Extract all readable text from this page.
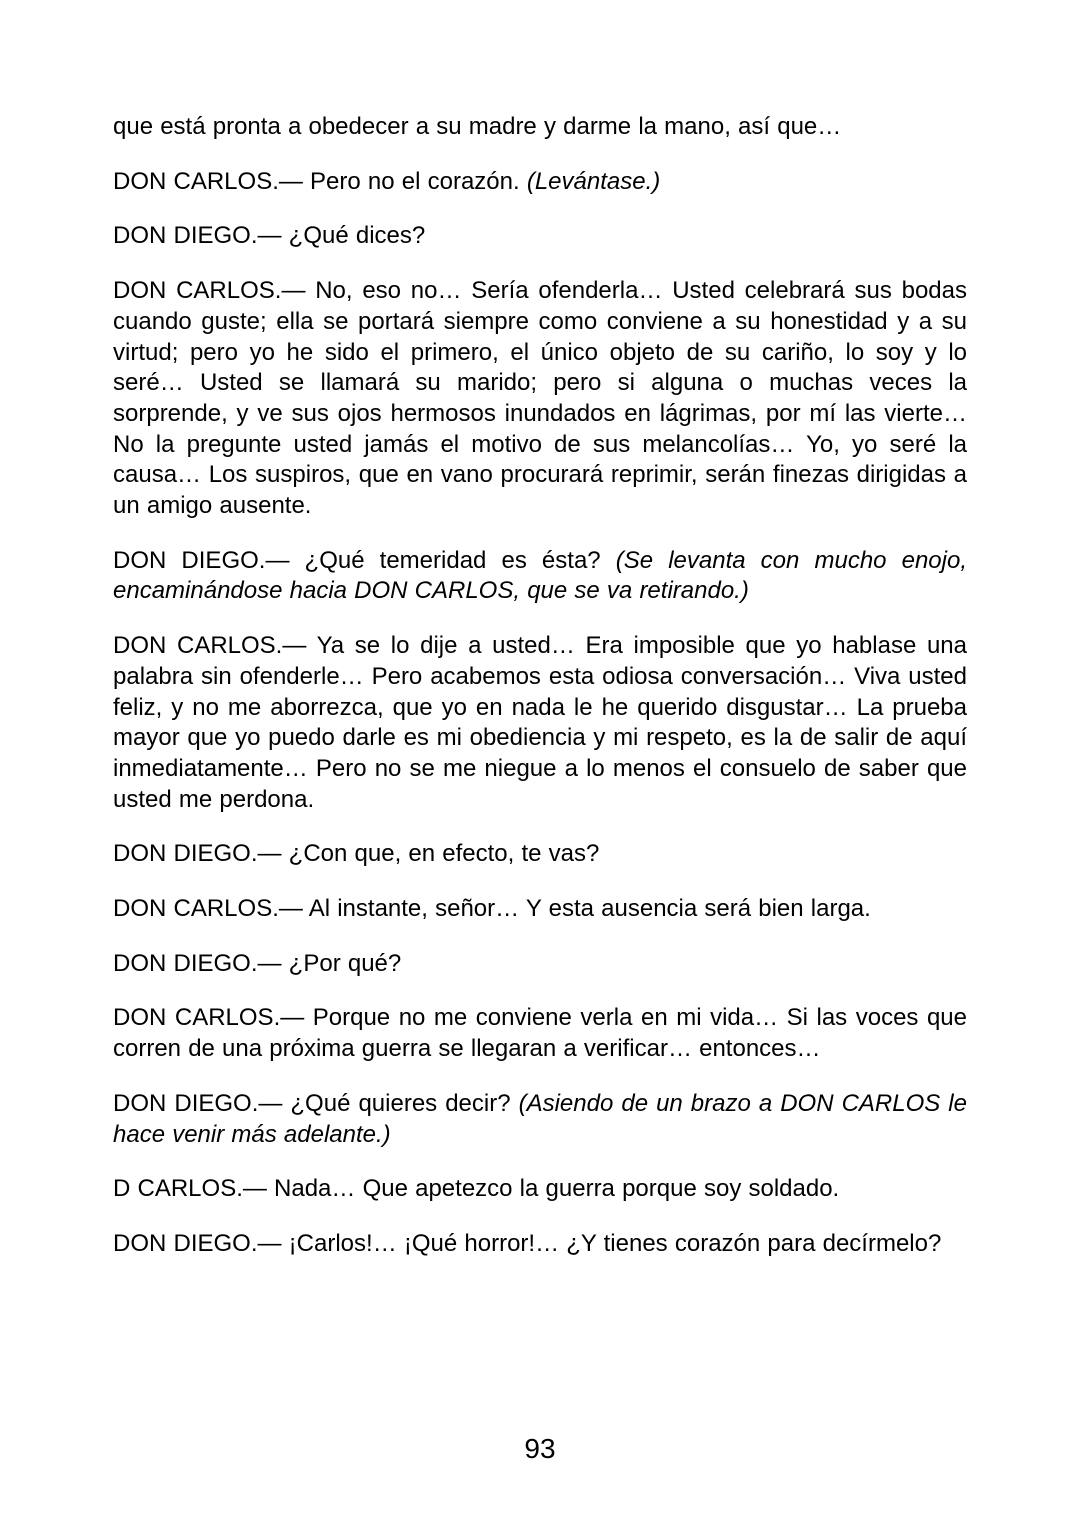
que está pronta a obedecer a su madre y darme la mano, así que…

DON CARLOS.— Pero no el corazón. (Levántase.)

DON DIEGO.— ¿Qué dices?

DON CARLOS.— No, eso no… Sería ofenderla… Usted celebrará sus bodas cuando guste; ella se portará siempre como conviene a su honestidad y a su virtud; pero yo he sido el primero, el único objeto de su cariño, lo soy y lo seré… Usted se llamará su marido; pero si alguna o muchas veces la sorprende, y ve sus ojos hermosos inundados en lágrimas, por mí las vierte… No la pregunte usted jamás el motivo de sus melancolías… Yo, yo seré la causa… Los suspiros, que en vano procurará reprimir, serán finezas dirigidas a un amigo ausente.

DON DIEGO.— ¿Qué temeridad es ésta? (Se levanta con mucho enojo, encaminándose hacia DON CARLOS, que se va retirando.)

DON CARLOS.— Ya se lo dije a usted… Era imposible que yo hablase una palabra sin ofenderle… Pero acabemos esta odiosa conversación… Viva usted feliz, y no me aborrezca, que yo en nada le he querido disgustar… La prueba mayor que yo puedo darle es mi obediencia y mi respeto, es la de salir de aquí inmediatamente… Pero no se me niegue a lo menos el consuelo de saber que usted me perdona.

DON DIEGO.— ¿Con que, en efecto, te vas?

DON CARLOS.— Al instante, señor… Y esta ausencia será bien larga.

DON DIEGO.— ¿Por qué?

DON CARLOS.— Porque no me conviene verla en mi vida… Si las voces que corren de una próxima guerra se llegaran a verificar… entonces…

DON DIEGO.— ¿Qué quieres decir? (Asiendo de un brazo a DON CARLOS le hace venir más adelante.)

D CARLOS.— Nada… Que apetezco la guerra porque soy soldado.

DON DIEGO.— ¡Carlos!… ¡Qué horror!… ¿Y tienes corazón para decírmelo?

93
